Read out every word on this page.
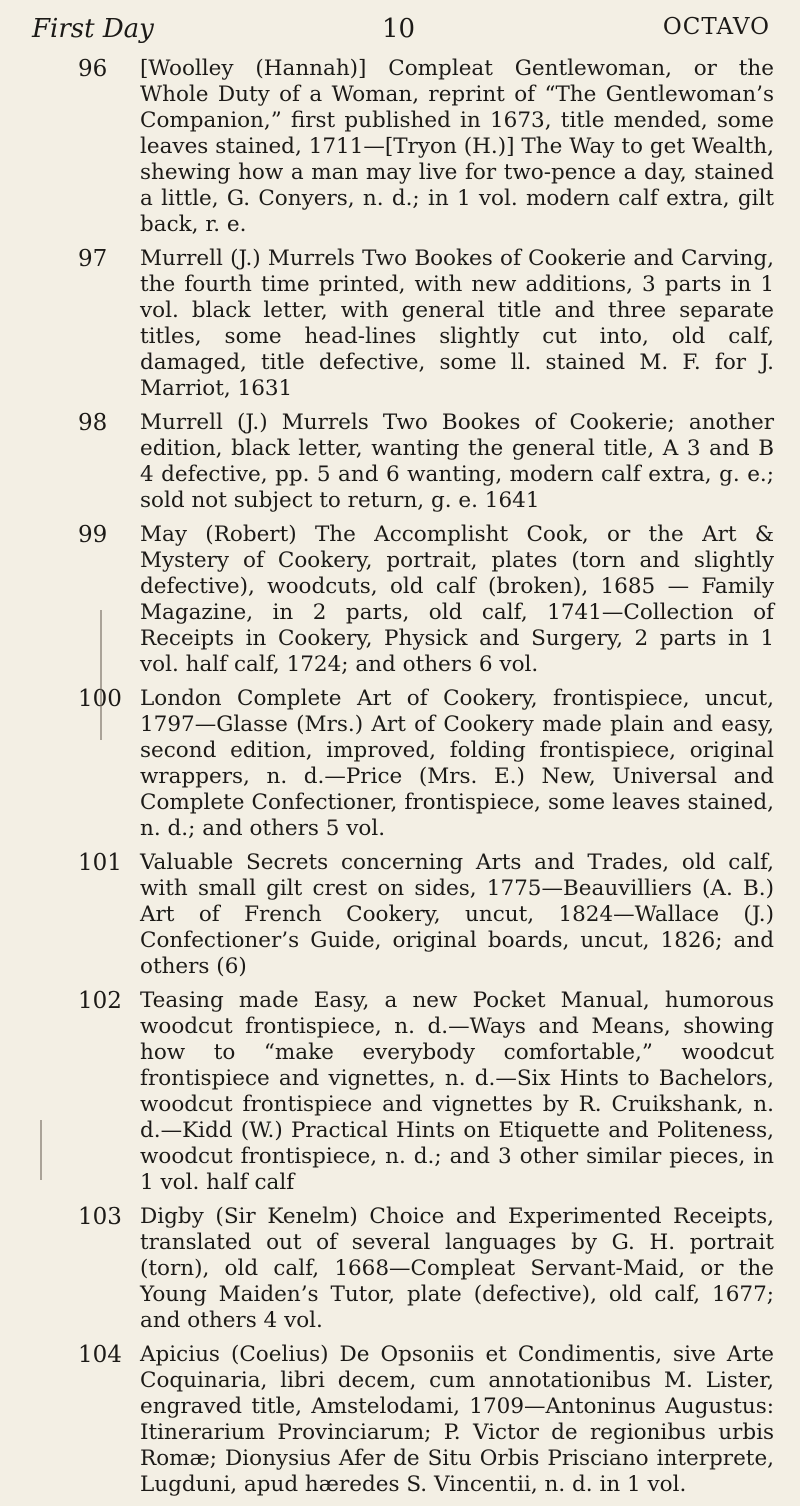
First Day	10	OCTAVO
96	[Woolley (Hannah)] Compleat Gentlewoman, or the Whole Duty of a Woman, reprint of “The Gentlewoman’s Companion,” first published in 1673, title mended, some leaves stained, 1711—[Tryon (H.)] The Way to get Wealth, shewing how a man may live for two-pence a day, stained a little, G. Conyers, n. d.; in 1 vol. modern calf extra, gilt back, r. e.
97	Murrell (J.) Murrels Two Bookes of Cookerie and Carving, the fourth time printed, with new additions, 3 parts in 1 vol. black letter, with general title and three separate titles, some head-lines slightly cut into, old calf, damaged, title defective, some ll. stained M. F. for J. Marriot, 1631
98	Murrell (J.) Murrels Two Bookes of Cookerie; another edition, black letter, wanting the general title, A 3 and B 4 defective, pp. 5 and 6 wanting, modern calf extra, g. e.; sold not subject to return, g. e. 1641
99	May (Robert) The Accomplisht Cook, or the Art & Mystery of Cookery, portrait, plates (torn and slightly defective), woodcuts, old calf (broken), 1685 — Family Magazine, in 2 parts, old calf, 1741—Collection of Receipts in Cookery, Physick and Surgery, 2 parts in 1 vol. half calf, 1724; and others 6 vol.
100 London Complete Art of Cookery, frontispiece, uncut, 1797—Glasse (Mrs.) Art of Cookery made plain and easy, second edition, improved, folding frontispiece, original wrappers, n. d.—Price (Mrs. E.) New, Universal and Complete Confectioner, frontispiece, some leaves stained, n. d.; and others 5 vol.
101 Valuable Secrets concerning Arts and Trades, old calf, with small gilt crest on sides, 1775—Beauvilliers (A. B.) Art of French Cookery, uncut, 1824—Wallace (J.) Confectioner’s Guide, original boards, uncut, 1826; and others (6)
102 Teasing made Easy, a new Pocket Manual, humorous woodcut frontispiece, n. d.—Ways and Means, showing how to “make everybody comfortable,” woodcut frontispiece and vignettes, n. d.—Six Hints to Bachelors, woodcut frontispiece and vignettes by R. Cruikshank, n. d.—Kidd (W.) Practical Hints on Etiquette and Politeness, woodcut frontispiece, n. d.; and 3 other similar pieces, in 1 vol. half calf
103 Digby (Sir Kenelm) Choice and Experimented Receipts, translated out of several languages by G. H. portrait (torn), old calf, 1668—Compleat Servant-Maid, or the Young Maiden’s Tutor, plate (defective), old calf, 1677; and others 4 vol.
104 Apicius (Coelius) De Opsoniis et Condimentis, sive Arte Coquinaria, libri decem, cum annotationibus M. Lister, engraved title, Amstelodami, 1709—Antoninus Augustus: Itinerarium Provinciarum; P. Victor de regionibus urbis Romæ; Dionysius Afer de Situ Orbis Prisciano interprete, Lugduni, apud hæredes S. Vincentii, n. d. in 1 vol.
